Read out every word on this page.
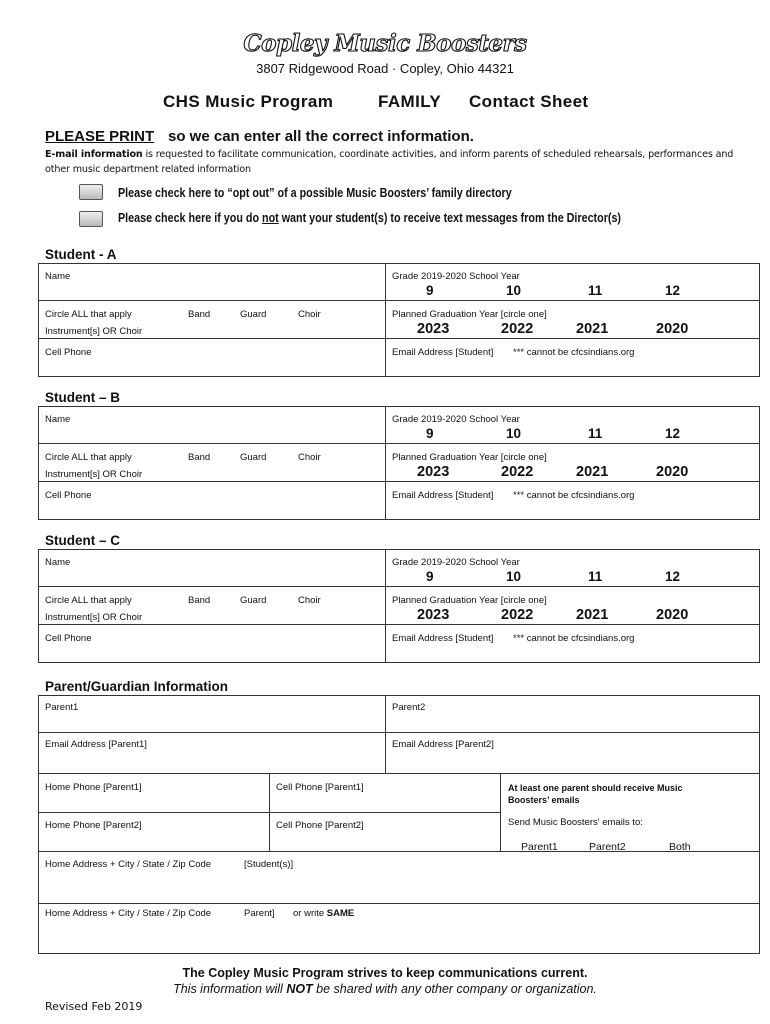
Copley Music Boosters
3807 Ridgewood Road · Copley, Ohio 44321
CHS Music Program	FAMILY Contact Sheet
PLEASE PRINT so we can enter all the correct information.
E-mail information is requested to facilitate communication, coordinate activities, and inform parents of scheduled rehearsals, performances and other music department related information
Please check here to “opt out” of a possible Music Boosters’ family directory
Please check here if you do not want your student(s) to receive text messages from the Director(s)
Student - A
Name	Grade 2019-2020 School Year
9	10	11	12
Circle ALL that apply	Band	Guard	Choir
Instrument[s] OR Choir
Planned Graduation Year [circle one]
2023	2022	2021	2020
Cell Phone	Email Address [Student] *** cannot be cfcsindians.org
Student – B
Name	Grade 2019-2020 School Year
9	10	11	12
Circle ALL that apply	Band	Guard	Choir
Instrument[s] OR Choir
Planned Graduation Year [circle one]
2023	2022	2021	2020
Cell Phone	Email Address [Student] *** cannot be cfcsindians.org
Student – C
Name	Grade 2019-2020 School Year
9	10	11	12
Circle ALL that apply	Band	Guard	Choir
Instrument[s] OR Choir
Planned Graduation Year [circle one]
2023	2022	2021	2020
Cell Phone	Email Address [Student] *** cannot be cfcsindians.org
Parent/Guardian Information
Parent1	Parent2
Email Address [Parent1]	Email Address [Parent2]
Home Phone [Parent1]	Cell Phone [Parent1]
Home Phone [Parent2]	Cell Phone [Parent2]
At least one parent should receive Music Boosters’ emails
Send Music Boosters' emails to:
Parent1	Parent2	Both
Home Address + City / State / Zip Code	[Student(s)]
Home Address + City / State / Zip Code	Parent] or write SAME
The Copley Music Program strives to keep communications current.
This information will NOT be shared with any other company or organization.
Revised Feb 2019
